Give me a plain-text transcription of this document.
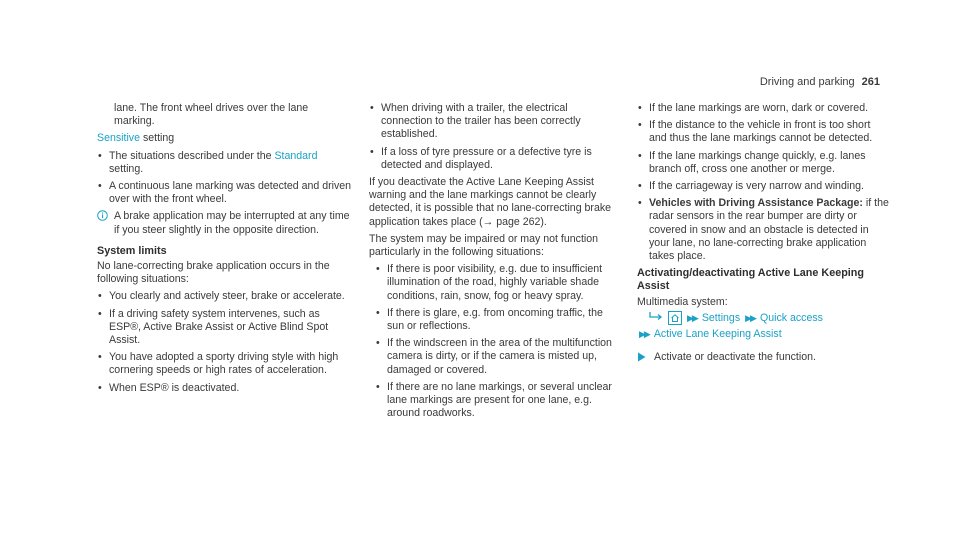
Driving and parking 261
lane. The front wheel drives over the lane
marking.

Sensitive setting

• The situations described under the Standard setting.
• A continuous lane marking was detected and driven over with the front wheel.
A brake application may be interrupted at any time if you steer slightly in the opposite direction.
System limits

No lane-correcting brake application occurs in the following situations:

• You clearly and actively steer, brake or accelerate.
• If a driving safety system intervenes, such as ESP®, Active Brake Assist or Active Blind Spot Assist.
• You have adopted a sporty driving style with high cornering speeds or high rates of acceleration.
• When ESP® is deactivated.
• When driving with a trailer, the electrical connection to the trailer has been correctly established.
• If a loss of tyre pressure or a defective tyre is detected and displayed.

If you deactivate the Active Lane Keeping Assist warning and the lane markings cannot be clearly detected, it is possible that no lane-correcting brake application takes place (→ page 262).

The system may be impaired or may not function particularly in the following situations:

• If there is poor visibility, e.g. due to insufficient illumination of the road, highly variable shade conditions, rain, snow, fog or heavy spray.
• If there is glare, e.g. from oncoming traffic, the sun or reflections.
• If the windscreen in the area of the multifunction camera is dirty, or if the camera is misted up, damaged or covered.
• If there are no lane markings, or several unclear lane markings are present for one lane, e.g. around roadworks.
• If the lane markings are worn, dark or covered.
• If the distance to the vehicle in front is too short and thus the lane markings cannot be detected.
• If the lane markings change quickly, e.g. lanes branch off, cross one another or merge.
• If the carriageway is very narrow and winding.
• Vehicles with Driving Assistance Package: if the radar sensors in the rear bumper are dirty or covered in snow and an obstacle is detected in your lane, no lane-correcting brake application takes place.
Activating/deactivating Active Lane Keeping Assist
Multimedia system:
▶▶ Settings ▶▶ Quick access
▶▶ Active Lane Keeping Assist
Activate or deactivate the function.
